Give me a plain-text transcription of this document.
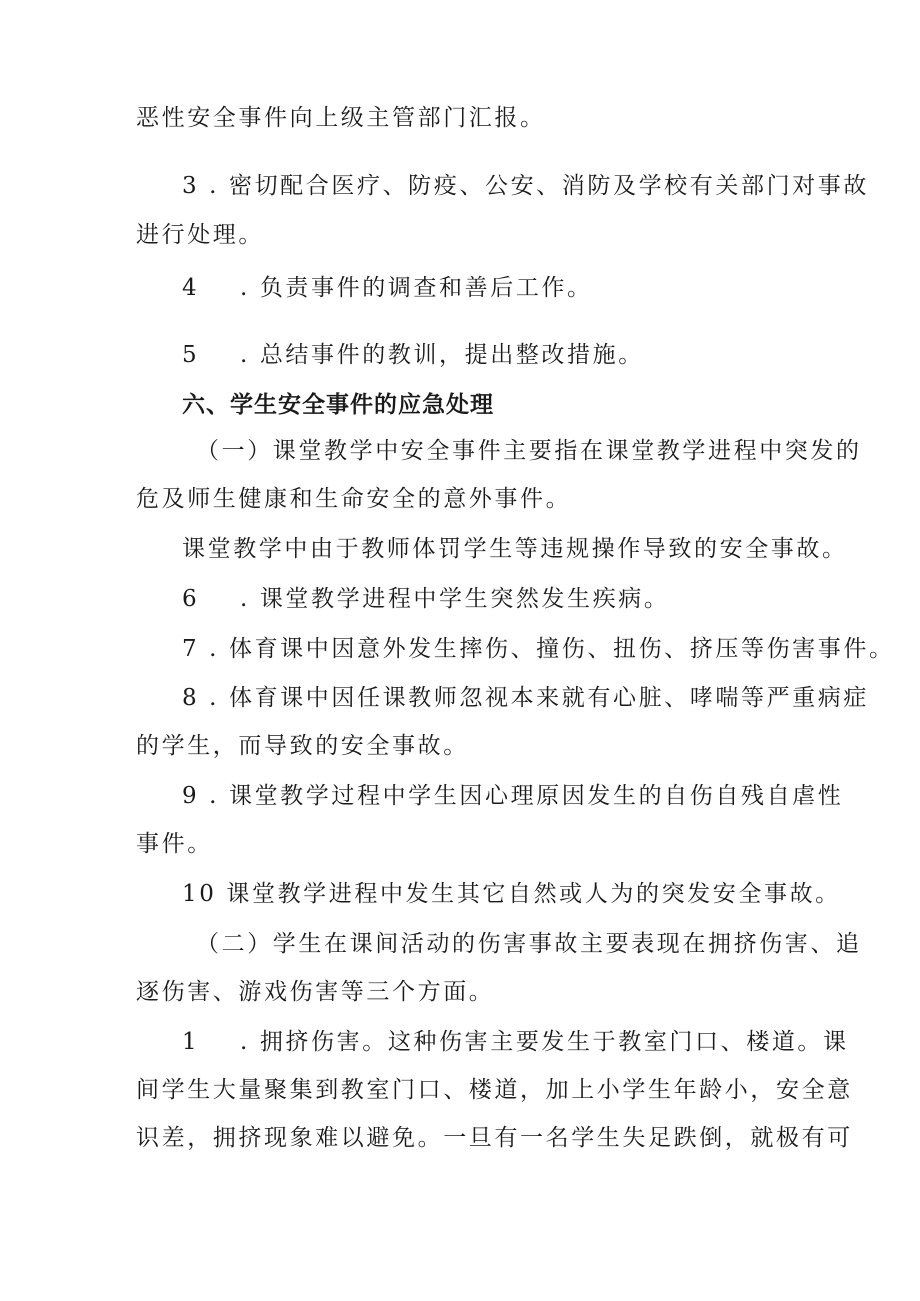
恶性安全事件向上级主管部门汇报。
3 . 密切配合医疗、防疫、公安、消防及学校有关部门对事故
进行处理。
4 . 负责事件的调查和善后工作。
5 . 总结事件的教训，提出整改措施。
六、学生安全事件的应急处理
（一）课堂教学中安全事件主要指在课堂教学进程中突发的
危及师生健康和生命安全的意外事件。
课堂教学中由于教师体罚学生等违规操作导致的安全事故。
6 . 课堂教学进程中学生突然发生疾病。
7 . 体育课中因意外发生摔伤、撞伤、扭伤、挤压等伤害事件。
8 . 体育课中因任课教师忽视本来就有心脏、哮喘等严重病症
的学生，而导致的安全事故。
9 . 课堂教学过程中学生因心理原因发生的自伤自残自虐性
事件。
10 课堂教学进程中发生其它自然或人为的突发安全事故。
（二）学生在课间活动的伤害事故主要表现在拥挤伤害、追
逐伤害、游戏伤害等三个方面。
1 . 拥挤伤害。这种伤害主要发生于教室门口、楼道。课
间学生大量聚集到教室门口、楼道，加上小学生年龄小，安全意
识差，拥挤现象难以避免。一旦有一名学生失足跌倒，就极有可
